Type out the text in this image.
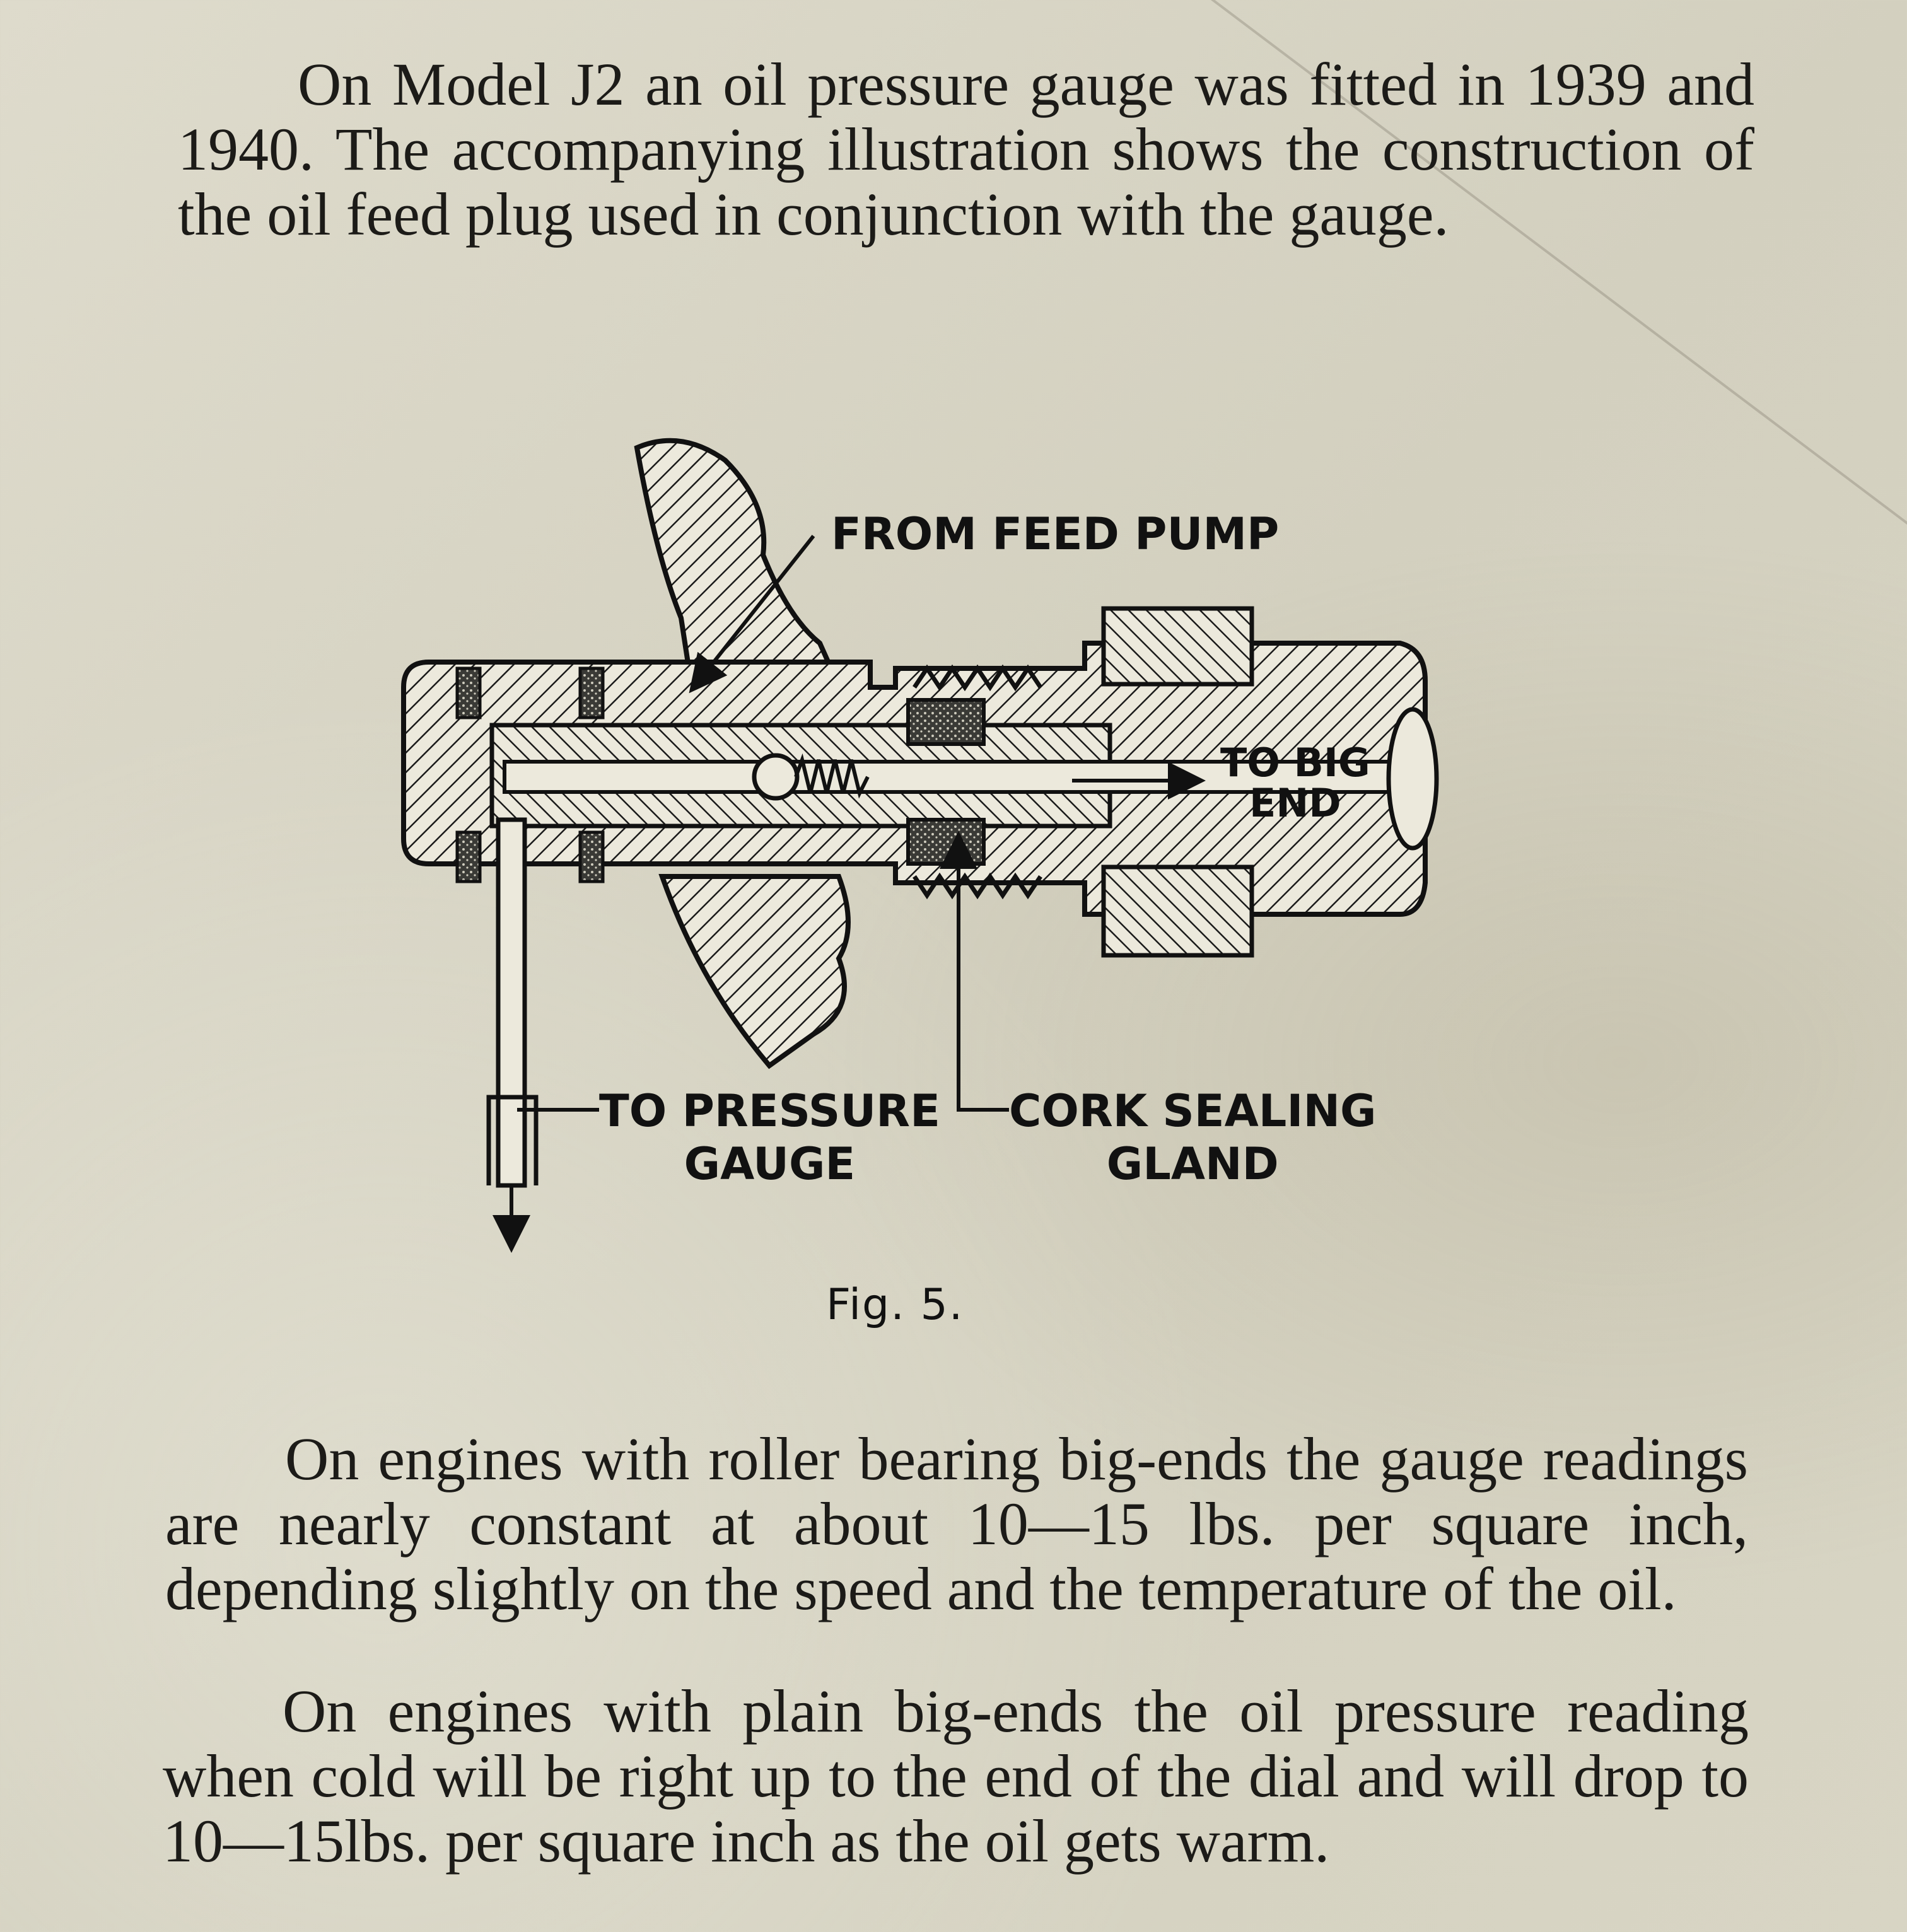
On Model J2 an oil pressure gauge was fitted in 1939 and 1940. The accompanying illustration shows the construction of the oil feed plug used in conjunction with the gauge.

FROM FEED PUMP

TO BIG
END

TO PRESSURE
GAUGE

CORK SEALING
GLAND

Fig. 5.

On engines with roller bearing big-ends the gauge readings are nearly constant at about 10—15 lbs. per square inch, depending slightly on the speed and the temperature of the oil.

On engines with plain big-ends the oil pressure reading when cold will be right up to the end of the dial and will drop to 10—15lbs. per square inch as the oil gets warm.
